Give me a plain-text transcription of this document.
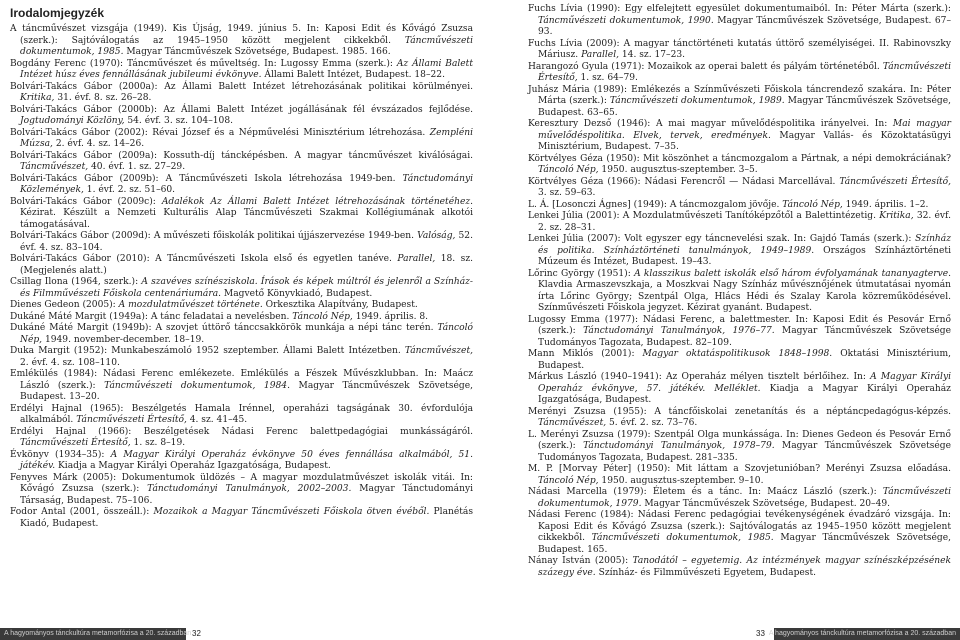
Irodalomjegyzék

A táncművészet vizsgája (1949). Kis Újság, 1949. június 5. In: Kaposi Edit és Kővágó Zsuzsa (szerk.): Sajtóválogatás az 1945–1950 között megjelent cikkekből. Táncművészeti dokumentumok, 1985. Magyar Táncművészek Szövetsége, Budapest. 1985. 166.

Bogdány Ferenc (1970): Táncművészet és műveltség. In: Lugossy Emma (szerk.): Az Állami Balett Intézet húsz éves fennállásának jubileumi évkönyve. Állami Balett Intézet, Budapest. 18–22.

Bolvári-Takács Gábor (2000a): Az Állami Balett Intézet létrehozásának politikai körülményei. Kritika, 31. évf. 8. sz. 26–28.

Bolvári-Takács Gábor (2000b): Az Állami Balett Intézet jogállásának fél évszázados fejlődése. Jogtudományi Közlöny, 54. évf. 3. sz. 104–108.

Bolvári-Takács Gábor (2002): Révai József és a Népművelési Minisztérium létrehozása. Zempléni Múzsa, 2. évf. 4. sz. 14–26.

Bolvári-Takács Gábor (2009a): Kossuth-díj táncképésben. A magyar táncművészet kiválóságai. Táncművészet, 40. évf. 1. sz. 27–29.

Bolvári-Takács Gábor (2009b): A Táncművészeti Iskola létrehozása 1949-ben. Tánctudományi Közlemények, 1. évf. 2. sz. 51–60.

Bolvári-Takács Gábor (2009c): Adalékok Az Állami Balett Intézet létrehozásának történetéhez. Kézirat. Készült a Nemzeti Kulturális Alap Táncművészeti Szakmai Kollégiumának alkotói támogatásával.

Bolvári-Takács Gábor (2009d): A művészeti főiskolák politikai újjászervezése 1949-ben. Valóság, 52. évf. 4. sz. 83–104.

Bolvári-Takács Gábor (2010): A Táncművészeti Iskola első és egyetlen tanéve. Parallel, 18. sz. (Megjelenés alatt.)

Csillag Ilona (1964, szerk.): A szavéves színésziskola. Írások és képek múltról és jelenről a Színház- és Filmművészeti Főiskola centenáriumára. Magvető Könyvkiadó, Budapest.

Dienes Gedeon (2005): A mozdulatművészet története. Orkesztika Alapítvány, Budapest.

Dukáné Máté Margit (1949a): A tánc feladatai a nevelésben. Táncoló Nép, 1949. április. 8.

Dukáné Máté Margit (1949b): A szovjet úttörő tánccsakkörök munkája a népi tánc terén. Táncoló Nép, 1949. november-december. 18–19.

Duka Margit (1952): Munkabeszámoló 1952 szeptember. Állami Balett Intézetben. Táncművészet, 2. évf. 4. sz. 108–110.

Emlékülés (1984): Nádasi Ferenc emlékezete. Emlékülés a Fészek Művészklubban. In: Maácz László (szerk.): Táncművészeti dokumentumok, 1984. Magyar Táncművészek Szövetsége, Budapest. 13–20.

Erdélyi Hajnal (1965): Beszélgetés Hamala Irénnel, operaházi tagságának 30. évfordulója alkalmából. Táncművészeti Értesítő, 4. sz. 41–45.

Erdélyi Hajnal (1966): Beszélgetések Nádasi Ferenc balettpedagógiai munkásságáról. Táncművészeti Értesítő, 1. sz. 8–19.

Évkönyv (1934–35): A Magyar Királyi Operaház évkönyve 50 éves fennállása alkalmából, 51. játékév. Kiadja a Magyar Királyi Operaház Igazgatósága, Budapest.

Fenyves Márk (2005): Dokumentumok üldözés – A magyar mozdulatművészet iskolák vitái. In: Kővágó Zsuzsa (szerk.): Tánctudományi Tanulmányok, 2002–2003. Magyar Tánctudományi Társaság, Budapest. 75–106.

Fodor Antal (2001, összeáll.): Mozaikok a Magyar Táncművészeti Főiskola ötven évéből. Planétás Kiadó, Budapest.

Fuchs Lívia (1990): Egy elfelejtett egyesület dokumentumaiból. In: Péter Márta (szerk.): Táncművészeti dokumentumok, 1990. Magyar Táncművészek Szövetsége, Budapest. 67–93.

Fuchs Lívia (2009): A magyar tánctörténeti kutatás úttörő személyiségei. II. Rabinovszky Máriusz. Parallel, 14. sz. 17–23.

Harangozó Gyula (1971): Mozaikok az operai balett és pályám történetéből. Táncművészeti Értesítő, 1. sz. 64–79.

Juhász Mária (1989): Emlékezés a Színművészeti Főiskola táncrendező szakára. In: Péter Márta (szerk.): Táncművészeti dokumentumok, 1989. Magyar Táncművészek Szövetsége, Budapest. 63–65.

Keresztury Dezső (1946): A mai magyar művelődéspolitika irányelvei. In: Mai magyar művelődéspolitika. Elvek, tervek, eredmények. Magyar Vallás- és Közoktatásügyi Minisztérium, Budapest. 7–35.

Körtvélyes Géza (1950): Mit köszönhet a táncmozgalom a Pártnak, a népi demokráciának? Táncoló Nép, 1950. augusztus-szeptember. 3–5.

Körtvélyes Géza (1966): Nádasi Ferencről — Nádasi Marcellával. Táncművészeti Értesítő, 3. sz. 59–63.

L. Á. [Losonczi Ágnes] (1949): A táncmozgalom jövője. Táncoló Nép, 1949. április. 1–2.

Lenkei Júlia (2001): A Mozdulatművészeti Tanítóképzőtől a Balettintézetig. Kritika, 32. évf. 2. sz. 28–31.

Lenkei Júlia (2007): Volt egyszer egy táncnevelési szak. In: Gajdó Tamás (szerk.): Színház és politika. Színháztörténeti tanulmányok, 1949–1989. Országos Színháztörténeti Múzeum és Intézet, Budapest. 19–43.

Lőrinc György (1951): A klasszikus balett iskolák első három évfolyamának tananyagtervе. Klavdia Armaszevszkaja, a Moszkvai Nagy Színház művésznőjének útmutatásai nyomán írta Lőrinc György; Szentpál Olga, Hlács Hédi és Szalay Karola közreműködésével. Színművészeti Főiskola jegyzet. Kézirat gyanánt. Budapest.

Lugossy Emma (1977): Nádasi Ferenc, a balettmester. In: Kaposi Edit és Pesovár Ernő (szerk.): Tánctudományi Tanulmányok, 1976–77. Magyar Táncművészek Szövetsége Tudományos Tagozata, Budapest. 82–109.

Mann Miklós (2001): Magyar oktatáspolitikusok 1848–1998. Oktatási Minisztérium, Budapest.

Márkus László (1940–1941): Az Operaház mélyen tisztelt bérlőihez. In: A Magyar Királyi Operaház évkönyve, 57. játékév. Melléklet. Kiadja a Magyar Királyi Operaház Igazgatósága, Budapest.

Merényi Zsuzsa (1955): A táncfőiskolai zenetanítás és a néptáncpedagógus-képzés. Táncművészet, 5. évf. 2. sz. 73–76.

L. Merényi Zsuzsa (1979): Szentpál Olga munkássága. In: Dienes Gedeon és Pesovár Ernő (szerk.): Tánctudományi Tanulmányok, 1978–79. Magyar Táncművészek Szövetsége Tudományos Tagozata, Budapest. 281–335.

M. P. [Morvay Péter] (1950): Mit láttam a Szovjetunióban? Merényi Zsuzsa előadása. Táncoló Nép, 1950. augusztus-szeptember. 9–10.

Nádasi Marcella (1979): Életem és a tánc. In: Maácz László (szerk.): Táncművészeti dokumentumok, 1979. Magyar Táncművészek Szövetsége, Budapest. 20–49.

Nádasi Ferenc (1984): Nádasi Ferenc pedagógiai tevékenységének évadzáró vizsgája. In: Kaposi Edit és Kővágó Zsuzsa (szerk.): Sajtóválogatás az 1945–1950 között megjelent cikkekből. Táncművészeti dokumentumok, 1985. Magyar Táncművészek Szövetsége, Budapest. 165.

Nánay István (2005): Tanodától – egyetemig. Az intézmények magyar színészképzésének százegy éve. Színház- és Filmművészeti Egyetem, Budapest.

A hagyományos tánckultúra metamorfózisa a 20. században 32	33 A hagyományos tánckultúra metamorfózisa a 20. században
